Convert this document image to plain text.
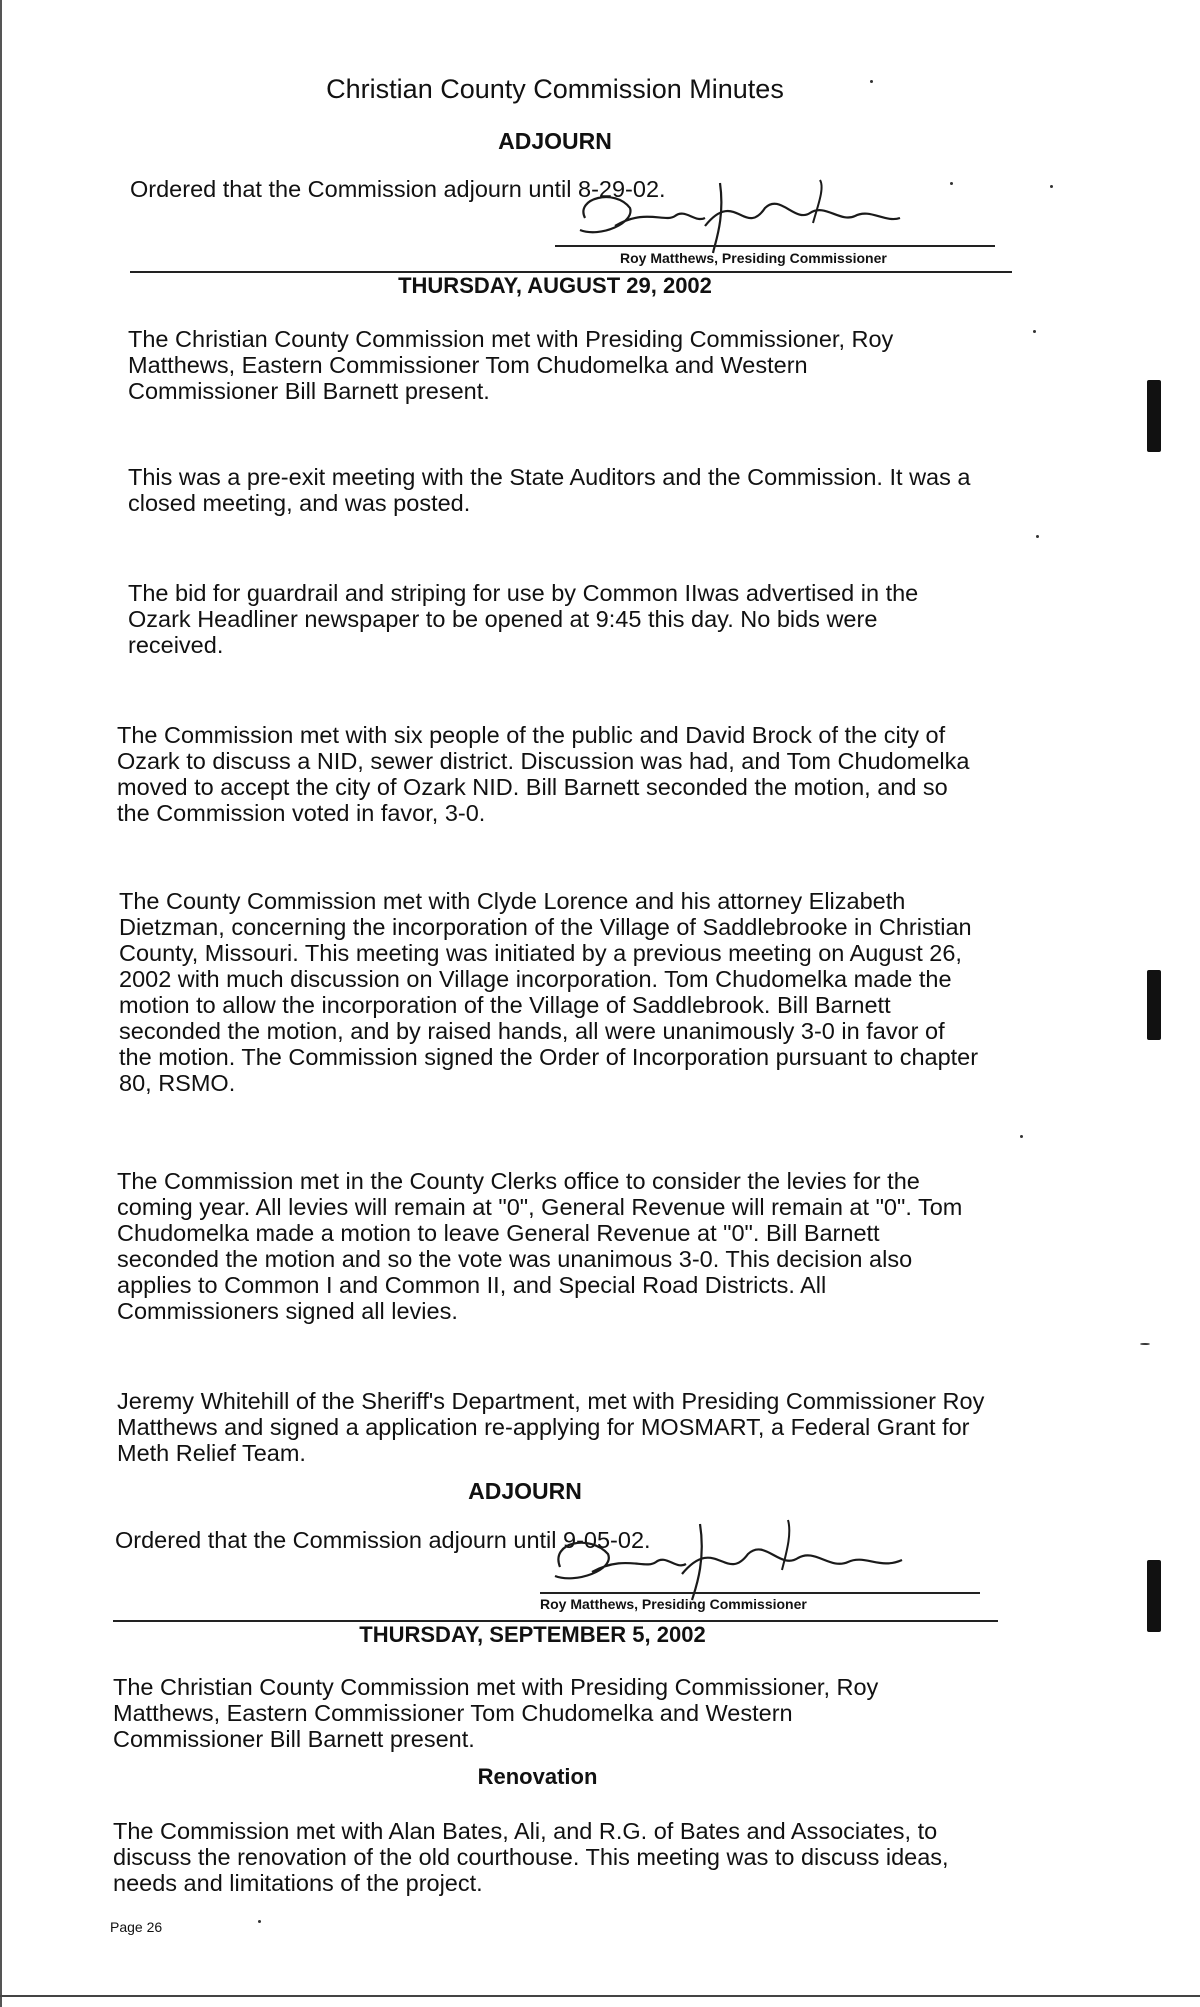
Christian County Commission Minutes
ADJOURN
Ordered that the Commission adjourn until 8-29-02.
Roy Matthews, Presiding Commissioner
THURSDAY, AUGUST 29, 2002
The Christian County Commission met with Presiding Commissioner, Roy Matthews, Eastern Commissioner Tom Chudomelka and Western Commissioner Bill Barnett present.
This was a pre-exit meeting with the State Auditors and the Commission. It was a closed meeting, and was posted.
The bid for guardrail and striping for use by Common IIwas advertised in the Ozark Headliner newspaper to be opened at 9:45 this day. No bids were received.
The Commission met with six people of the public and David Brock of the city of Ozark to discuss a NID, sewer district. Discussion was had, and Tom Chudomelka moved to accept the city of Ozark NID. Bill Barnett seconded the motion, and so the Commission voted in favor, 3-0.
The County Commission met with Clyde Lorence and his attorney Elizabeth Dietzman, concerning the incorporation of the Village of Saddlebrooke in Christian County, Missouri. This meeting was initiated by a previous meeting on August 26, 2002 with much discussion on Village incorporation. Tom Chudomelka made the motion to allow the incorporation of the Village of Saddlebrook. Bill Barnett seconded the motion, and by raised hands, all were unanimously 3-0 in favor of the motion. The Commission signed the Order of Incorporation pursuant to chapter 80, RSMO.
The Commission met in the County Clerks office to consider the levies for the coming year. All levies will remain at "0", General Revenue will remain at "0". Tom Chudomelka made a motion to leave General Revenue at "0". Bill Barnett seconded the motion and so the vote was unanimous 3-0. This decision also applies to Common I and Common II, and Special Road Districts. All Commissioners signed all levies.
Jeremy Whitehill of the Sheriff's Department, met with Presiding Commissioner Roy Matthews and signed a application re-applying for MOSMART, a Federal Grant for Meth Relief Team.
ADJOURN
Ordered that the Commission adjourn until 9-05-02.
Roy Matthews, Presiding Commissioner
THURSDAY, SEPTEMBER 5, 2002
The Christian County Commission met with Presiding Commissioner, Roy Matthews, Eastern Commissioner Tom Chudomelka and Western Commissioner Bill Barnett present.
Renovation
The Commission met with Alan Bates, Ali, and R.G. of Bates and Associates, to discuss the renovation of the old courthouse. This meeting was to discuss ideas, needs and limitations of the project.
Page 26
